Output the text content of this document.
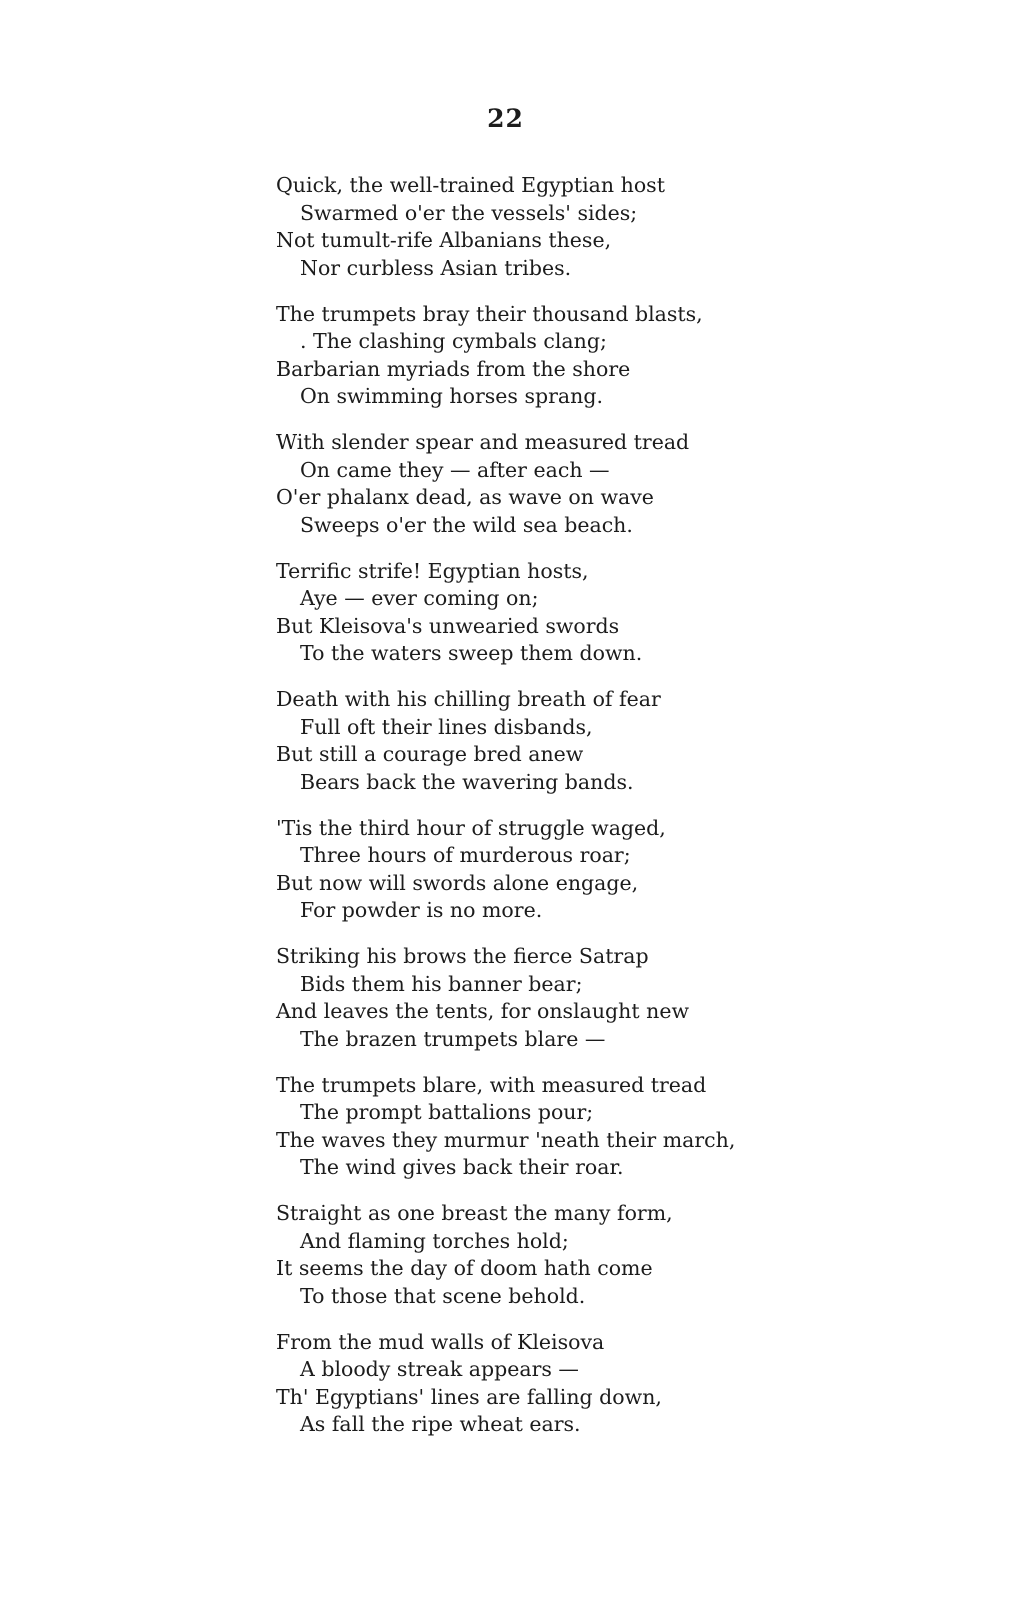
22
Quick, the well-trained Egyptian host
Swarmed o'er the vessels' sides;
Not tumult-rife Albanians these,
Nor curbless Asian tribes.
The trumpets bray their thousand blasts,
. The clashing cymbals clang;
Barbarian myriads from the shore
On swimming horses sprang.
With slender spear and measured tread
On came they — after each —
O'er phalanx dead, as wave on wave
Sweeps o'er the wild sea beach.
Terrific strife! Egyptian hosts,
Aye — ever coming on;
But Kleisova's unwearied swords
To the waters sweep them down.
Death with his chilling breath of fear
Full oft their lines disbands,
But still a courage bred anew
Bears back the wavering bands.
'Tis the third hour of struggle waged,
Three hours of murderous roar;
But now will swords alone engage,
For powder is no more.
Striking his brows the fierce Satrap
Bids them his banner bear;
And leaves the tents, for onslaught new
The brazen trumpets blare —
The trumpets blare, with measured tread
The prompt battalions pour;
The waves they murmur 'neath their march,
The wind gives back their roar.
Straight as one breast the many form,
And flaming torches hold;
It seems the day of doom hath come
To those that scene behold.
From the mud walls of Kleisova
A bloody streak appears —
Th' Egyptians' lines are falling down,
As fall the ripe wheat ears.
